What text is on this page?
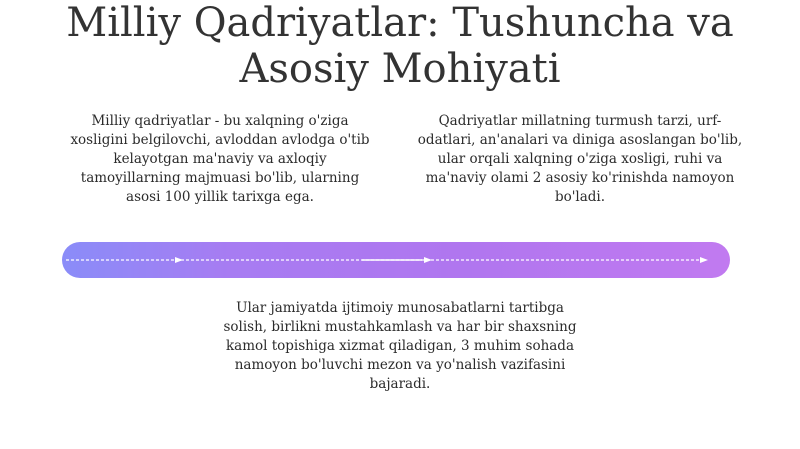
Milliy Qadriyatlar: Tushuncha va Asosiy Mohiyati

Milliy qadriyatlar - bu xalqning o'ziga xosligini belgilovchi, avloddan avlodga o'tib kelayotgan ma'naviy va axloqiy tamoyillarning majmuasi bo'lib, ularning asosi 100 yillik tarixga ega.

Qadriyatlar millatning turmush tarzi, urf-odatlari, an'analari va diniga asoslangan bo'lib, ular orqali xalqning o'ziga xosligi, ruhi va ma'naviy olami 2 asosiy ko'rinishda namoyon bo'ladi.

Ular jamiyatda ijtimoiy munosabatlarni tartibga solish, birlikni mustahkamlash va har bir shaxsning kamol topishiga xizmat qiladigan, 3 muhim sohada namoyon bo'luvchi mezon va yo'nalish vazifasini bajaradi.
